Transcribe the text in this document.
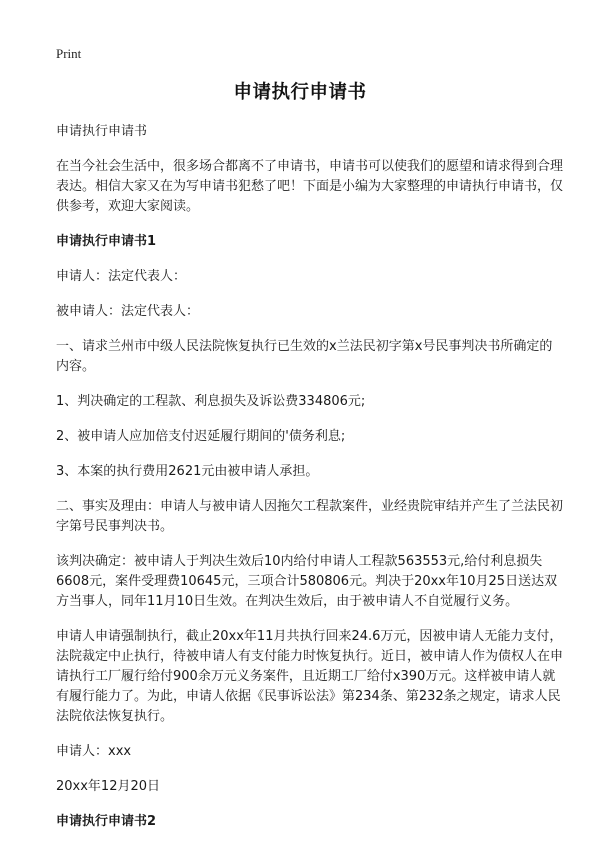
Print
申请执行申请书

申请执行申请书

在当今社会生活中，很多场合都离不了申请书，申请书可以使我们的愿望和请求得到合理表达。相信大家又在为写申请书犯愁了吧！下面是小编为大家整理的申请执行申请书，仅供参考，欢迎大家阅读。

申请执行申请书1

申请人：法定代表人：

被申请人：法定代表人：

一、请求兰州市中级人民法院恢复执行已生效的x兰法民初字第x号民事判决书所确定的内容。

1、判决确定的工程款、利息损失及诉讼费334806元;

2、被申请人应加倍支付迟延履行期间的'债务利息;

3、本案的执行费用2621元由被申请人承担。

二、事实及理由：申请人与被申请人因拖欠工程款案件，业经贵院审结并产生了兰法民初字第号民事判决书。

该判决确定：被申请人于判决生效后10内给付申请人工程款563553元,给付利息损失6608元，案件受理费10645元，三项合计580806元。判决于20xx年10月25日送达双方当事人，同年11月10日生效。在判决生效后，由于被申请人不自觉履行义务。

申请人申请强制执行，截止20xx年11月共执行回来24.6万元，因被申请人无能力支付，法院裁定中止执行，待被申请人有支付能力时恢复执行。近日，被申请人作为债权人在申请执行工厂履行给付900余万元义务案件，且近期工厂给付x390万元。这样被申请人就有履行能力了。为此，申请人依据《民事诉讼法》第234条、第232条之规定，请求人民法院依法恢复执行。

申请人：xxx

20xx年12月20日

申请执行申请书2
